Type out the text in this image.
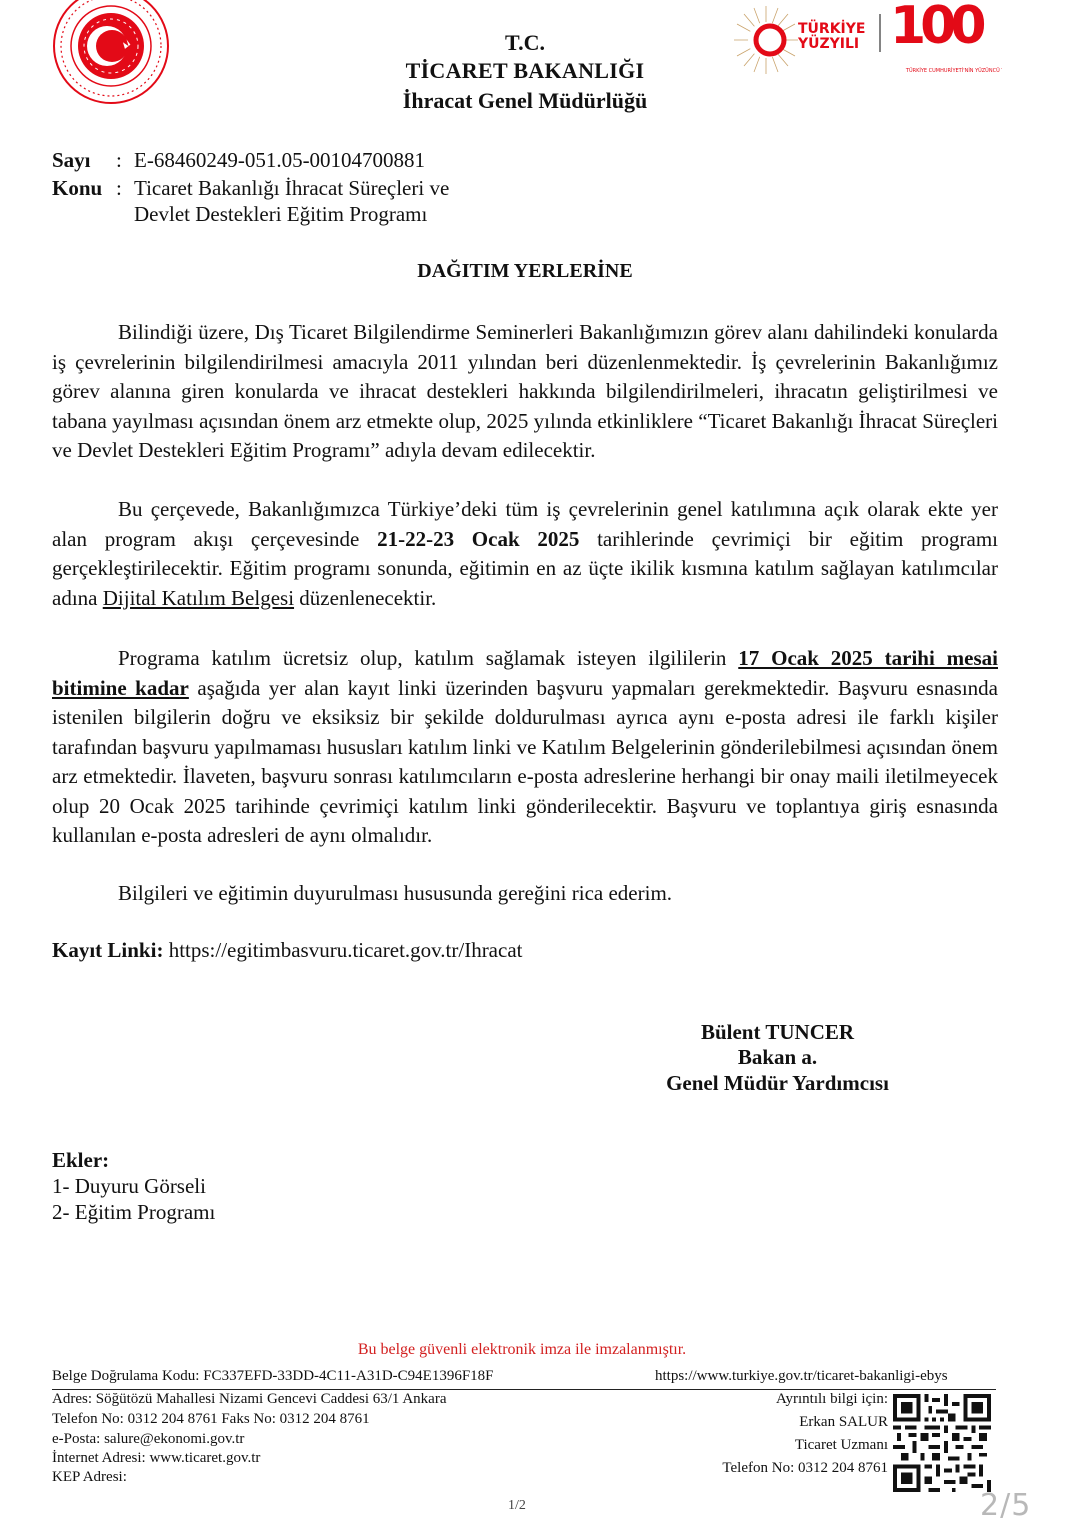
TÜRKİYE CUMHURİYETİ'NİN YÜZÜNCÜ YILI
TÜRKİYE
YÜZYILI 100
T.C.
TİCARET BAKANLIĞI
İhracat Genel Müdürlüğü
Sayı : E-68460249-051.05-00104700881
Konu : Ticaret Bakanlığı İhracat Süreçleri ve
Devlet Destekleri Eğitim Programı
DAĞITIM YERLERİNE

Bilindiği üzere, Dış Ticaret Bilgilendirme Seminerleri Bakanlığımızın görev alanı dahilindeki konularda iş çevrelerinin bilgilendirilmesi amacıyla 2011 yılından beri düzenlenmektedir. İş çevrelerinin Bakanlığımız görev alanına giren konularda ve ihracat destekleri hakkında bilgilendirilmeleri, ihracatın geliştirilmesi ve tabana yayılması açısından önem arz etmekte olup, 2025 yılında etkinliklere “Ticaret Bakanlığı İhracat Süreçleri ve Devlet Destekleri Eğitim Programı” adıyla devam edilecektir.

Bu çerçevede, Bakanlığımızca Türkiye’deki tüm iş çevrelerinin genel katılımına açık olarak ekte yer alan program akışı çerçevesinde 21-22-23 Ocak 2025 tarihlerinde çevrimiçi bir eğitim programı gerçekleştirilecektir. Eğitim programı sonunda, eğitimin en az üçte ikilik kısmına katılım sağlayan katılımcılar adına Dijital Katılım Belgesi düzenlenecektir.

Programa katılım ücretsiz olup, katılım sağlamak isteyen ilgililerin 17 Ocak 2025 tarihi mesai bitimine kadar aşağıda yer alan kayıt linki üzerinden başvuru yapmaları gerekmektedir. Başvuru esnasında istenilen bilgilerin doğru ve eksiksiz bir şekilde doldurulması ayrıca aynı e-posta adresi ile farklı kişiler tarafından başvuru yapılmaması hususları katılım linki ve Katılım Belgelerinin gönderilebilmesi açısından önem arz etmektedir. İlaveten, başvuru sonrası katılımcıların e-posta adreslerine herhangi bir onay maili iletilmeyecek olup 20 Ocak 2025 tarihinde çevrimiçi katılım linki gönderilecektir. Başvuru ve toplantıya giriş esnasında kullanılan e-posta adresleri de aynı olmalıdır.

Bilgileri ve eğitimin duyurulması hususunda gereğini rica ederim.

Kayıt Linki: https://egitimbasvuru.ticaret.gov.tr/Ihracat
Bülent TUNCER
Bakan a.
Genel Müdür Yardımcısı
Ekler:
1- Duyuru Görseli
2- Eğitim Programı
Bu belge güvenli elektronik imza ile imzalanmıştır.
Belge Doğrulama Kodu: FC337EFD-33DD-4C11-A31D-C94E1396F18F	https://www.turkiye.gov.tr/ticaret-bakanligi-ebys
Adres: Söğütözü Mahallesi Nizami Gencevi Caddesi 63/1 Ankara
Telefon No: 0312 204 8761 Faks No: 0312 204 8761
e-Posta: salure@ekonomi.gov.tr
İnternet Adresi: www.ticaret.gov.tr
KEP Adresi:
Ayrıntılı bilgi için:
Erkan SALUR
Ticaret Uzmanı
Telefon No: 0312 204 8761
1/2	2/5
